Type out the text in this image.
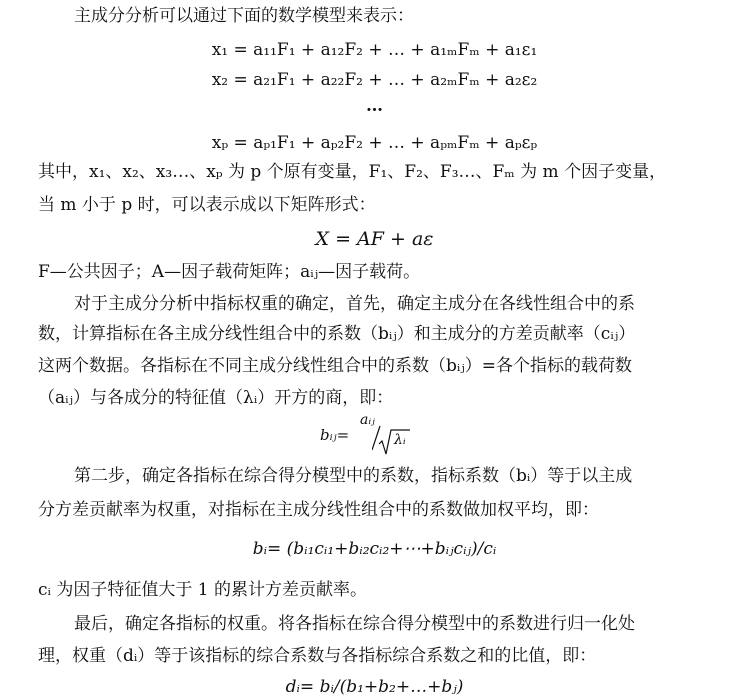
主成分分析可以通过下面的数学模型来表示：
x₁ = a₁₁F₁ + a₁₂F₂ + … + a₁ₘFₘ + a₁ε₁
x₂ = a₂₁F₁ + a₂₂F₂ + … + a₂ₘFₘ + a₂ε₂
…
xₚ = aₚ₁F₁ + aₚ₂F₂ + … + aₚₘFₘ + aₚεₚ
其中，x₁、x₂、x₃…、xₚ 为 p 个原有变量，F₁、F₂、F₃…、Fₘ 为 m 个因子变量，
当 m 小于 p 时，可以表示成以下矩阵形式：
X = AF + aε
F—公共因子；A—因子载荷矩阵；aᵢⱼ—因子载荷。
对于主成分分析中指标权重的确定，首先，确定主成分在各线性组合中的系
数，计算指标在各主成分线性组合中的系数（bᵢⱼ）和主成分的方差贡献率（cᵢⱼ）
这两个数据。各指标在不同主成分线性组合中的系数（bᵢⱼ）=各个指标的载荷数
（aᵢⱼ）与各成分的特征值（λᵢ）开方的商，即：
bᵢⱼ=
aᵢⱼ
λᵢ
第二步，确定各指标在综合得分模型中的系数，指标系数（bᵢ）等于以主成
分方差贡献率为权重，对指标在主成分线性组合中的系数做加权平均，即：
bᵢ= (bᵢ₁cᵢ₁+bᵢ₂cᵢ₂+⋯+bᵢⱼcᵢⱼ)/cᵢ
cᵢ 为因子特征值大于 1 的累计方差贡献率。
最后，确定各指标的权重。将各指标在综合得分模型中的系数进行归一化处
理，权重（dᵢ）等于该指标的综合系数与各指标综合系数之和的比值，即：
dᵢ= bᵢ/(b₁+b₂+…+bⱼ)
